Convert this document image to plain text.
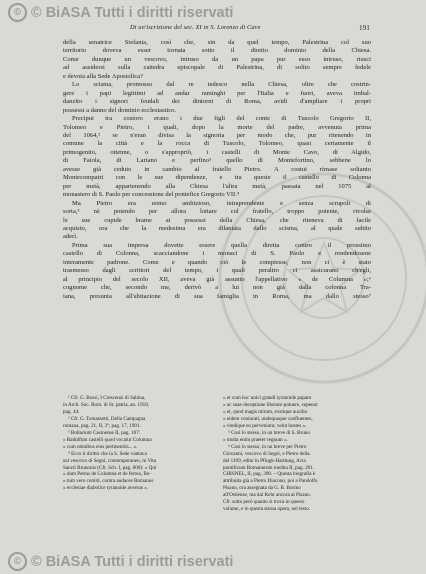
© © BiASA Tutti i diritti riservati
Di un'iscrizione del sec. XI in S. Lorenzo di Cave	191

della senatrice Stefania, così che, sin da quel tempo, Palestrina col suo

territorio doveva esser tornata sotto il diretto dominio della Chiesa.

Come dunque un vescovo, intruso da un papa pur esso intruso, riusci

ad assidersi sulla cattedra episcopale di Palestrina, di solito sempre fedele

e devota alla Sede Apostolica?

Lo scisma, promosso dal re tedesco nella Chiesa, oltre che costrin-

gere i papi legittimi ad andar raminghi per l'Italia e fuori, aveva imbal-

danzito i signori feudali dei dintorni di Roma, avidi d'ampliare i propri

possessi a danno del dominio ecclesiastico.

Precipui tra costoro erano i due figli del conte di Tuscolo Gregorio II,

Tolomeo e Pietro, i quali, dopo la morte del padre, avvenuta prima

del 1064,² se n'eran divisa la signoria per modo che, pur ritenendo in

comune la città e la rocca di Tuscolo, Tolomeo, quasi certamente il

primogenito, ottenne, o s'appropriò, i castelli di Monte Cavo, di Algido,

di Faiola, di Lariano e perfino³ quello di Montefortino, sebbene lo

avesse già ceduto in cambio al fratello Pietro. A costui rimase soltanto

Montecompatri con le sue dipendenze, e tra queste il castello di Colonna

per metà, appartenendo alla Chiesa l'altra metà, passata nel 1075 al

monastero di S. Paolo per concessione del pontefice Gregorio VII.⁴

Ma Pietro era uomo ambizioso, intraprendente e senza scrupoli di

sorta,⁵ nè potendo per allora lottare col fratello, troppo potente, rivolse

le sue cupide brame ai possessi della Chiesa, che riteneva di facile

acquisto, ora che la medesima era dilaniata dallo scisma, al quale subito

aderì.

Prima sua impresa dovette essere quella diretta contro il prossimo

castello di Colonna, scacciandone i monaci di S. Paolo e rendendosene

interamente padrone. Come e quando ciò le compiesse, non ci è stato

trasmesso dagli scrittori del tempo, i quali peraltro ci assicurano ch'egli,

al principio del secolo XII, aveva già assunto l'appellativo « de Columna »;⁶

cognome che, secondo me, derivò a lui non già dalla colonna Tra-

iana, presunta all'abitazione di sua famiglia in Roma, ma dallo stesso⁷

¹ Cfr. G. Bossi, I Crescenzi di Sabina,

in Arch. Soc. Rom. di St. patria, an. 1918,

pag. 44.

² Cfr. G. Tomassetti, Della Campagna

romana, pag. 21, II, 3º; pag. 17, 1901.

³ Bullarium Casinense II, pag. 107:

« Radulfum castelli quod vocatur Columna

« cum omnibus eius pertinentiis... ».

⁴ Ecco il diritto che la S. Sede vantava

sul vescovo di Segni, contemporaneo, in Vita

Sancti Brunonis (Cfr. Sch. I, pag. 800): « Qui

« dum Petrus de Columna et de ferrea, Bo-

« tum vero comiti, contra audaces Romanos

« ecclesiae diabolice tyrannide aversus ».

« et cum hoc unici grandi tyrannide papam

« ac suae deceptione liberare potuere, supenor

« et, quod magis mirum, exstique auxilia

« eidem coniurati, undequaque confluentes,

« vindique eo perveniunt, velut hostes ».

⁵ Cosi lo stesso, in un breve di S. Bruno

« multa enim praeter regnum ».

⁶ Cosi lo stesso, in un breve per Pietro

Giovanni, vescovo di Segni, e Pietro della

del 1109, edito in Pflugk-Harttung, Acta

pontificum Romanorum inedita II, pag. 201.

CHISNEL, II, pag. 390. – Questa biografia è

attribuita già a Pietro Diacono, poi a Pandolfo

Pisano, ora assegnata da G. B. Borino

all'Ostiense, ma dal Kehr ancora al Pisano.

Cfr. sotto però quanto si trova in questo

volume, e in questa stessa opera, nel testo.

© © BiASA Tutti i diritti riservati
